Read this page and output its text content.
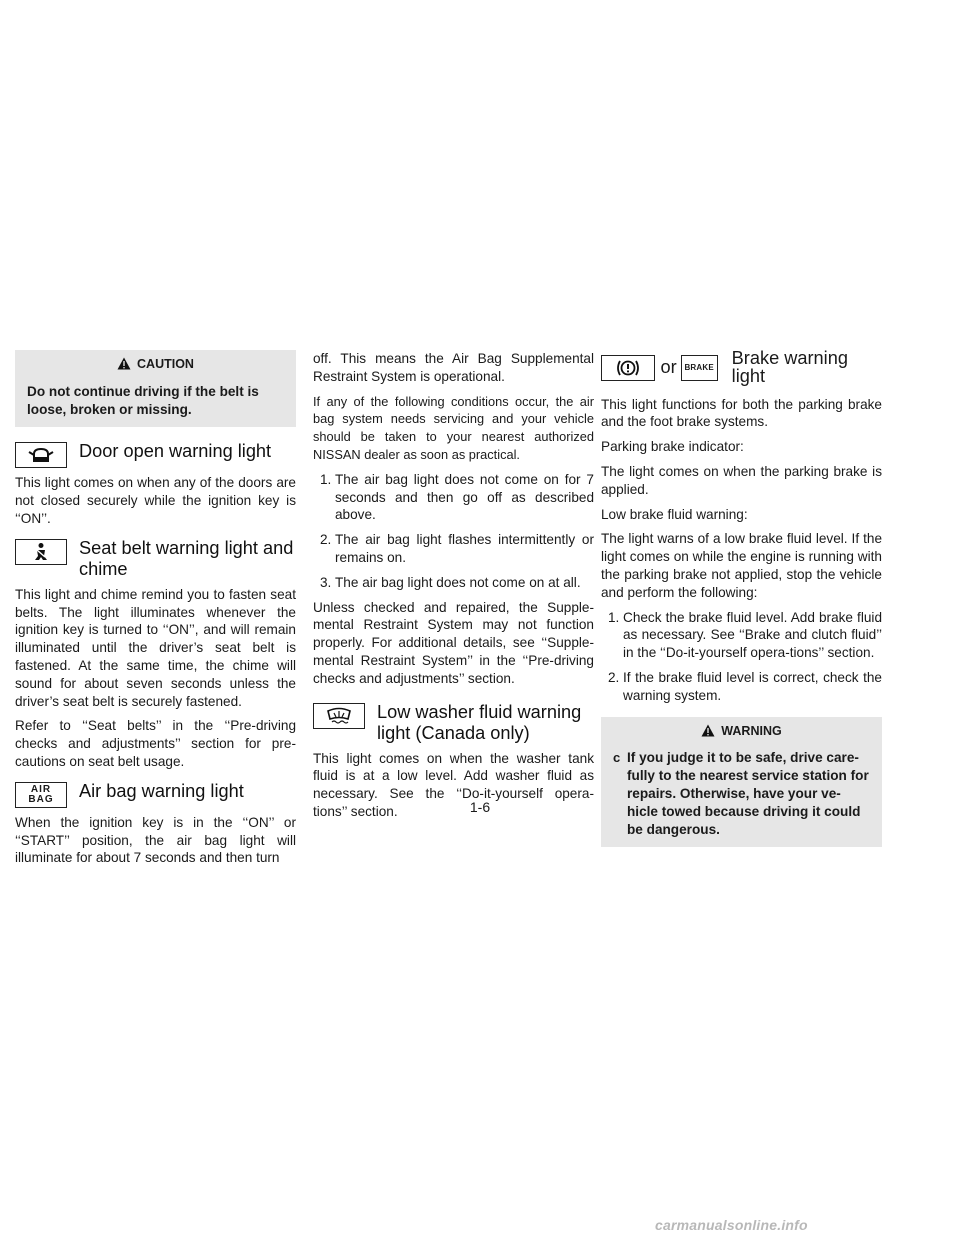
CAUTION
Do not continue driving if the belt is loose, broken or missing.
Door open warning light

This light comes on when any of the doors are not closed securely while the ignition key is ‘‘ON’’.

Seat belt warning light and chime

This light and chime remind you to fasten seat belts. The light illuminates whenever the ignition key is turned to ‘‘ON’’, and will remain illuminated until the driver’s seat belt is fastened. At the same time, the chime will sound for about seven seconds unless the driver’s seat belt is securely fastened.

Refer to ‘‘Seat belts’’ in the ‘‘Pre-driving checks and adjustments’’ section for pre-cautions on seat belt usage.

AIR
BAG Air bag warning light

When the ignition key is in the ‘‘ON’’ or ‘‘START’’ position, the air bag light will illuminate for about 7 seconds and then turn

off. This means the Air Bag Supplemental Restraint System is operational.

If any of the following conditions occur, the air bag system needs servicing and your vehicle should be taken to your nearest authorized NISSAN dealer as soon as practical.

1. The air bag light does not come on for 7 seconds and then go off as described above.
2. The air bag light flashes intermittently or remains on.
3. The air bag light does not come on at all.

Unless checked and repaired, the Supple-mental Restraint System may not function properly. For additional details, see ‘‘Supple-mental Restraint System’’ in the ‘‘Pre-driving checks and adjustments’’ section.

Low washer fluid warning light (Canada only)

This light comes on when the washer tank fluid is at a low level. Add washer fluid as necessary. See the ‘‘Do-it-yourself opera-tions’’ section.

or BRAKE Brake warning light

This light functions for both the parking brake and the foot brake systems.

Parking brake indicator:

The light comes on when the parking brake is applied.

Low brake fluid warning:

The light warns of a low brake fluid level. If the light comes on while the engine is running with the parking brake not applied, stop the vehicle and perform the following:

1. Check the brake fluid level. Add brake fluid as necessary. See ‘‘Brake and clutch fluid’’ in the ‘‘Do-it-yourself opera-tions’’ section.
2. If the brake fluid level is correct, check the warning system.
WARNING
c If you judge it to be safe, drive care-fully to the nearest service station for repairs. Otherwise, have your ve-hicle towed because driving it could be dangerous.
1-6
carmanualsonline.info
